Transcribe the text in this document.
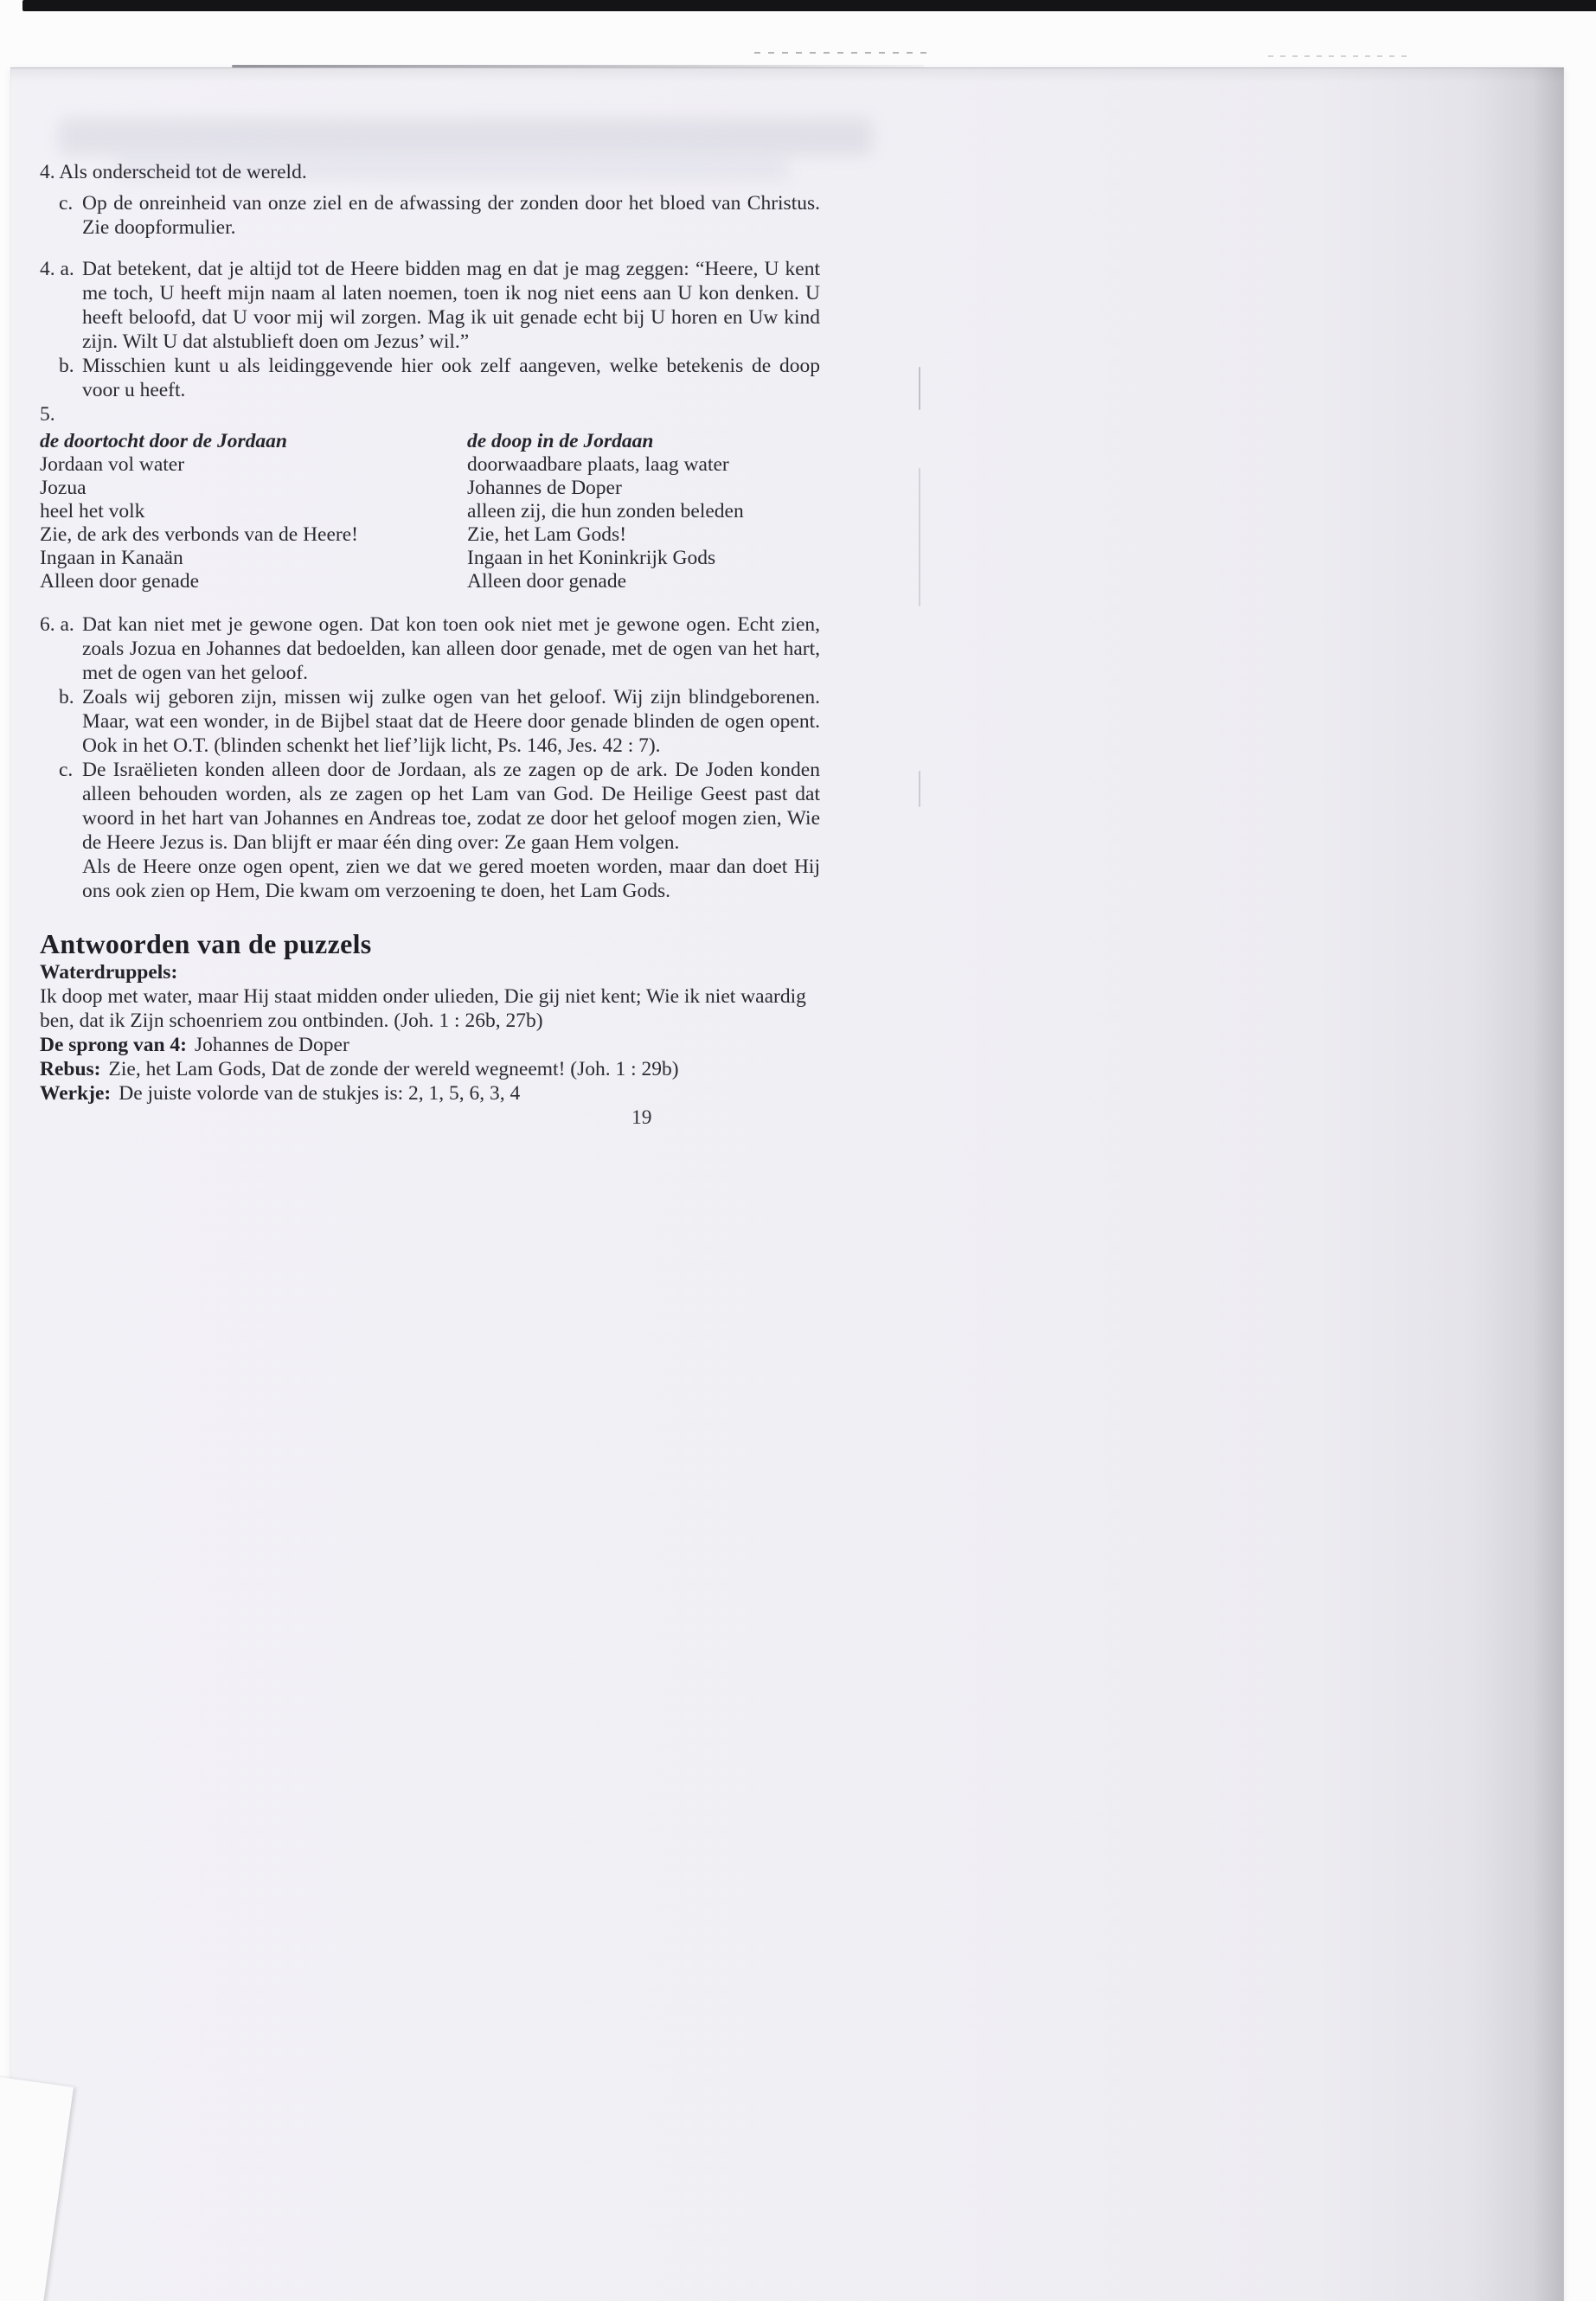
4. Als onderscheid tot de wereld.

c. Op de onreinheid van onze ziel en de afwassing der zonden door het bloed van Christus. Zie doopformulier.

4. a. Dat betekent, dat je altijd tot de Heere bidden mag en dat je mag zeggen: “Heere, U kent me toch, U heeft mijn naam al laten noemen, toen ik nog niet eens aan U kon denken. U heeft beloofd, dat U voor mij wil zorgen. Mag ik uit genade echt bij U horen en Uw kind zijn. Wilt U dat alstublieft doen om Jezus’ wil.”

b. Misschien kunt u als leidinggevende hier ook zelf aangeven, welke betekenis de doop voor u heeft.

5.

de doortocht door de Jordaan	de doop in de Jordaan

Jordaan vol water	doorwaadbare plaats, laag water

Jozua	Johannes de Doper

heel het volk	alleen zij, die hun zonden beleden

Zie, de ark des verbonds van de Heere!	Zie, het Lam Gods!

Ingaan in Kanaän	Ingaan in het Koninkrijk Gods

Alleen door genade	Alleen door genade

6. a. Dat kan niet met je gewone ogen. Dat kon toen ook niet met je gewone ogen. Echt zien, zoals Jozua en Johannes dat bedoelden, kan alleen door genade, met de ogen van het hart, met de ogen van het geloof.

b. Zoals wij geboren zijn, missen wij zulke ogen van het geloof. Wij zijn blindgeborenen. Maar, wat een wonder, in de Bijbel staat dat de Heere door genade blinden de ogen opent. Ook in het O.T. (blinden schenkt het lief’lijk licht, Ps. 146, Jes. 42 : 7).

c. De Israëlieten konden alleen door de Jordaan, als ze zagen op de ark. De Joden konden alleen behouden worden, als ze zagen op het Lam van God. De Heilige Geest past dat woord in het hart van Johannes en Andreas toe, zodat ze door het geloof mogen zien, Wie de Heere Jezus is. Dan blijft er maar één ding over: Ze gaan Hem volgen.

Als de Heere onze ogen opent, zien we dat we gered moeten worden, maar dan doet Hij ons ook zien op Hem, Die kwam om verzoening te doen, het Lam Gods.

Antwoorden van de puzzels

Waterdruppels:

Ik doop met water, maar Hij staat midden onder ulieden, Die gij niet kent; Wie ik niet waardig ben, dat ik Zijn schoenriem zou ontbinden. (Joh. 1 : 26b, 27b)

De sprong van 4: Johannes de Doper

Rebus: Zie, het Lam Gods, Dat de zonde der wereld wegneemt! (Joh. 1 : 29b)

Werkje: De juiste volorde van de stukjes is: 2, 1, 5, 6, 3, 4

19
